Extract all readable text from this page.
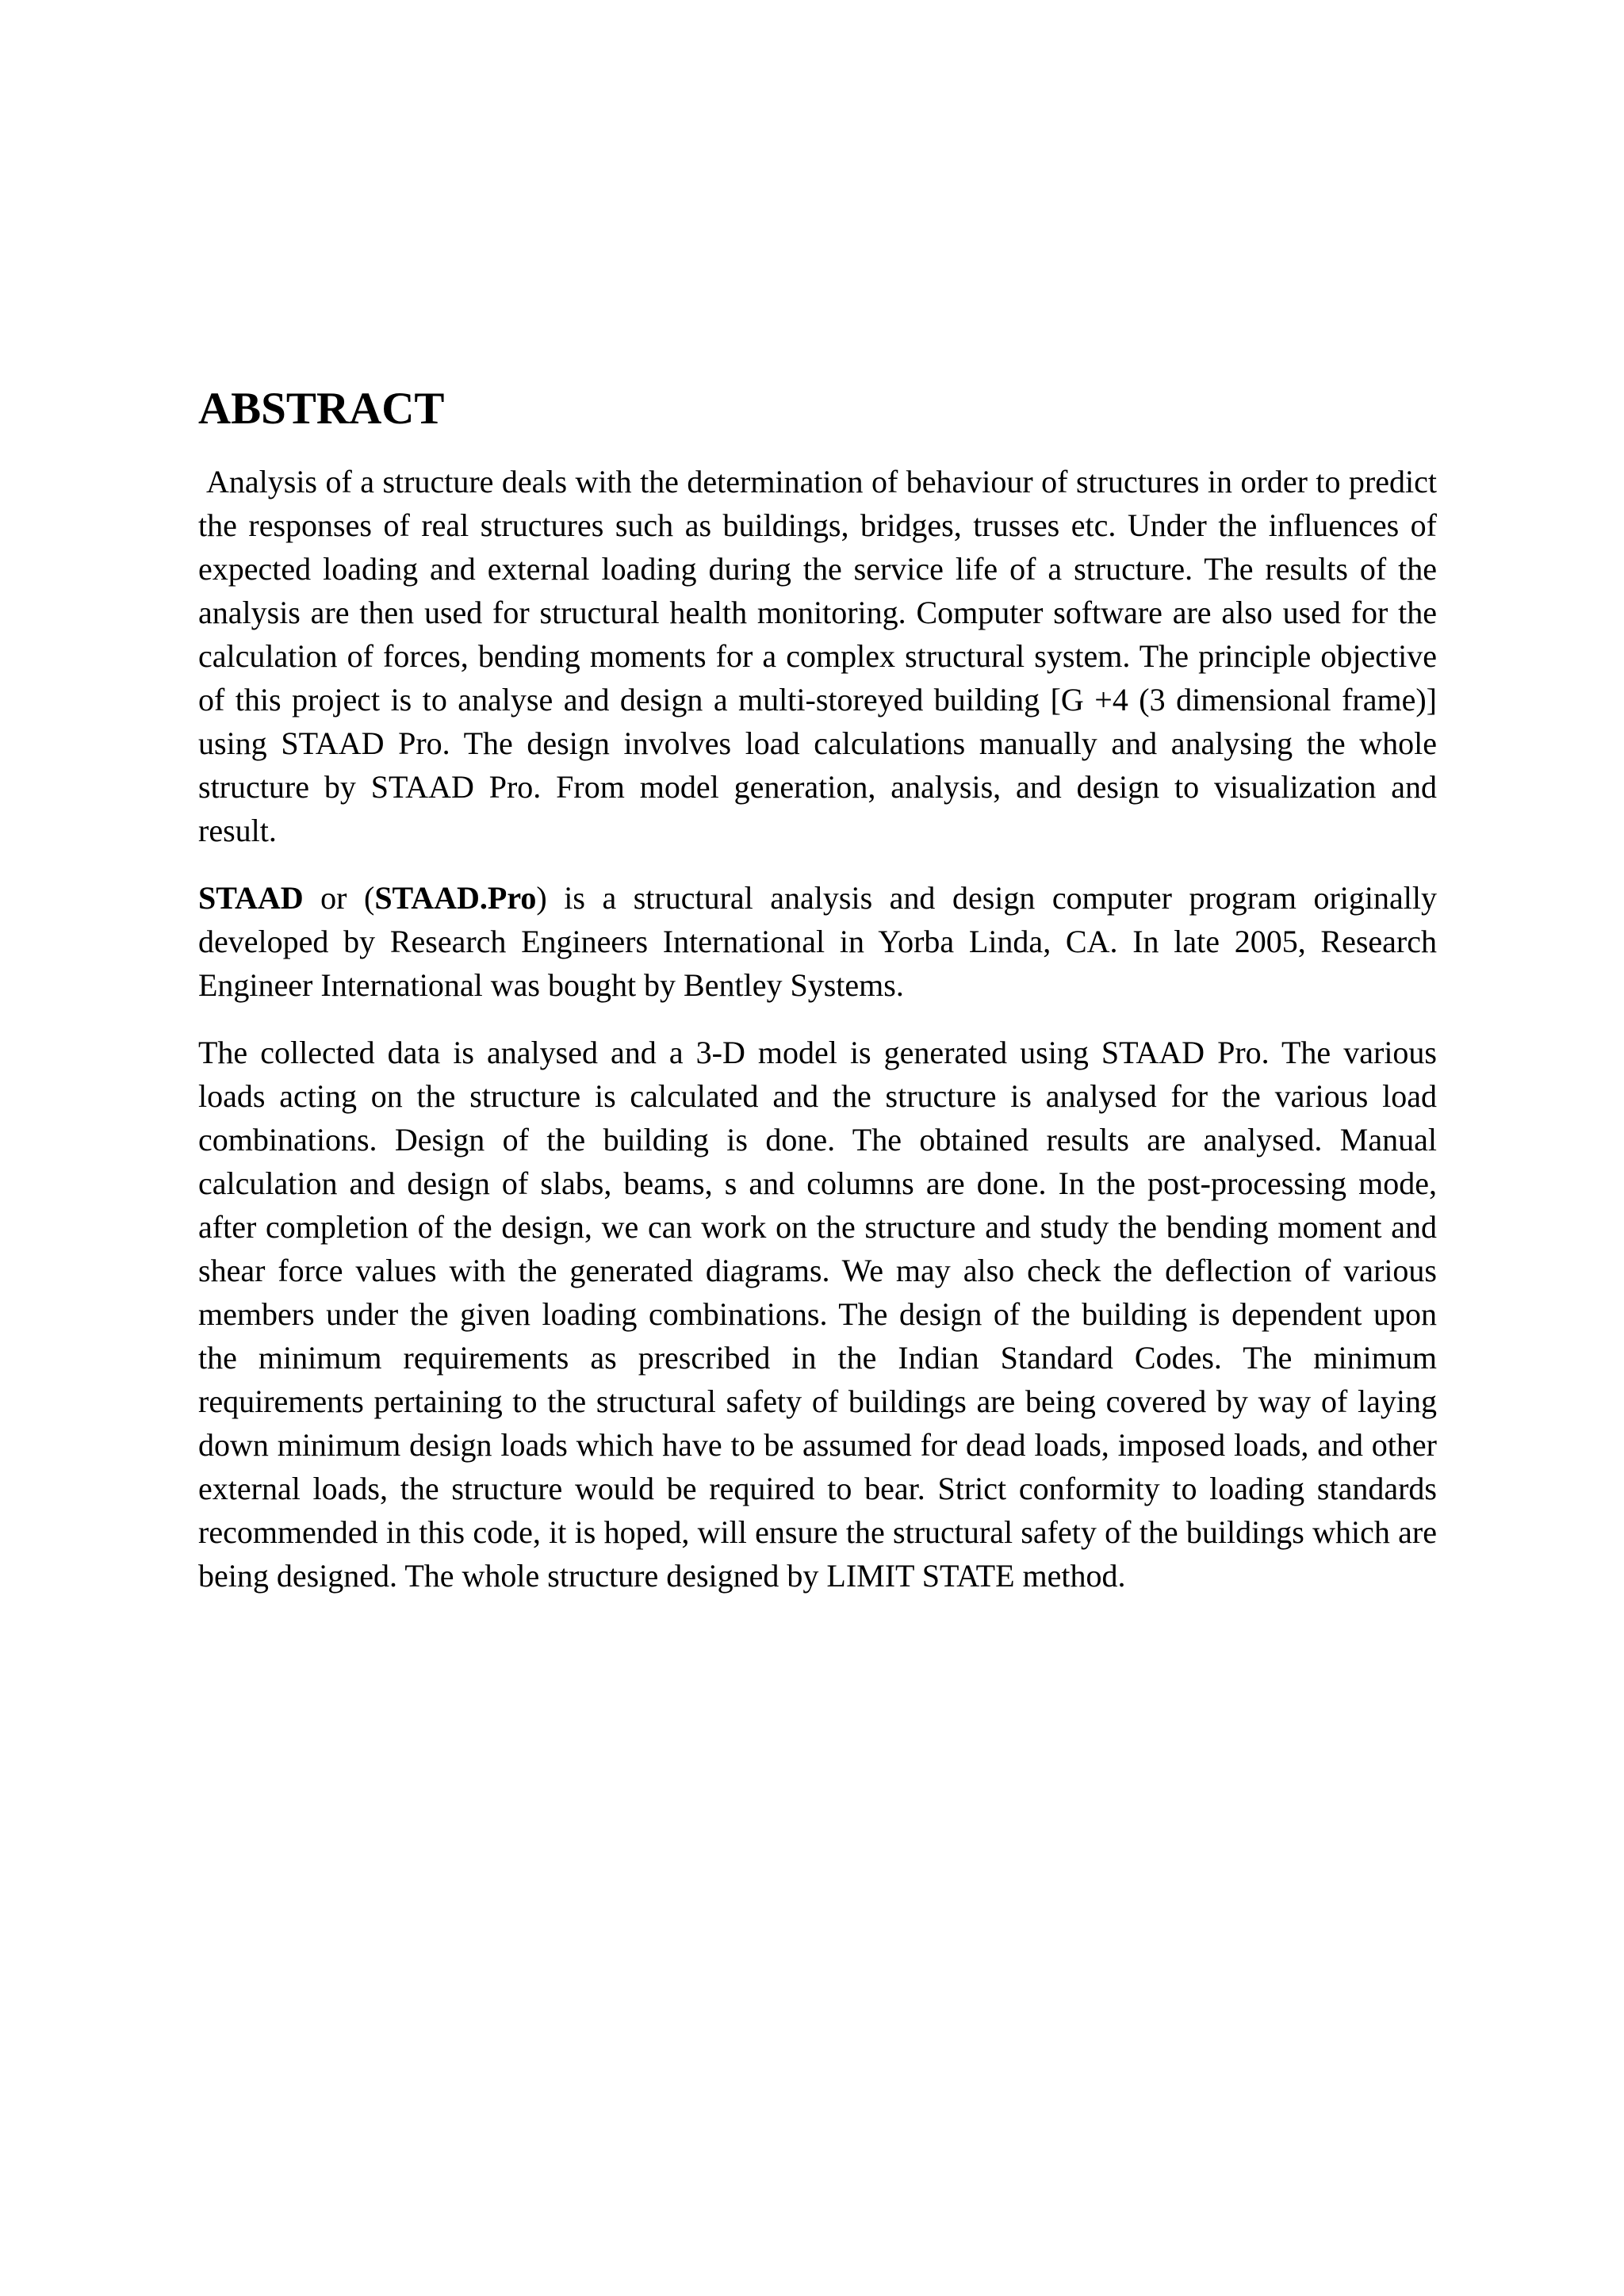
ABSTRACT

Analysis of a structure deals with the determination of behaviour of structures in order to predict the responses of real structures such as buildings, bridges, trusses etc. Under the influences of expected loading and external loading during the service life of a structure. The results of the analysis are then used for structural health monitoring. Computer software are also used for the calculation of forces, bending moments for a complex structural system. The principle objective of this project is to analyse and design a multi-storeyed building [G +4 (3 dimensional frame)] using STAAD Pro. The design involves load calculations manually and analysing the whole structure by STAAD Pro. From model generation, analysis, and design to visualization and result.

STAAD or (STAAD.Pro) is a structural analysis and design computer program originally developed by Research Engineers International in Yorba Linda, CA. In late 2005, Research Engineer International was bought by Bentley Systems.

The collected data is analysed and a 3-D model is generated using STAAD Pro. The various loads acting on the structure is calculated and the structure is analysed for the various load combinations. Design of the building is done. The obtained results are analysed. Manual calculation and design of slabs, beams, s and columns are done. In the post-processing mode, after completion of the design, we can work on the structure and study the bending moment and shear force values with the generated diagrams. We may also check the deflection of various members under the given loading combinations. The design of the building is dependent upon the minimum requirements as prescribed in the Indian Standard Codes. The minimum requirements pertaining to the structural safety of buildings are being covered by way of laying down minimum design loads which have to be assumed for dead loads, imposed loads, and other external loads, the structure would be required to bear. Strict conformity to loading standards recommended in this code, it is hoped, will ensure the structural safety of the buildings which are being designed. The whole structure designed by LIMIT STATE method.
